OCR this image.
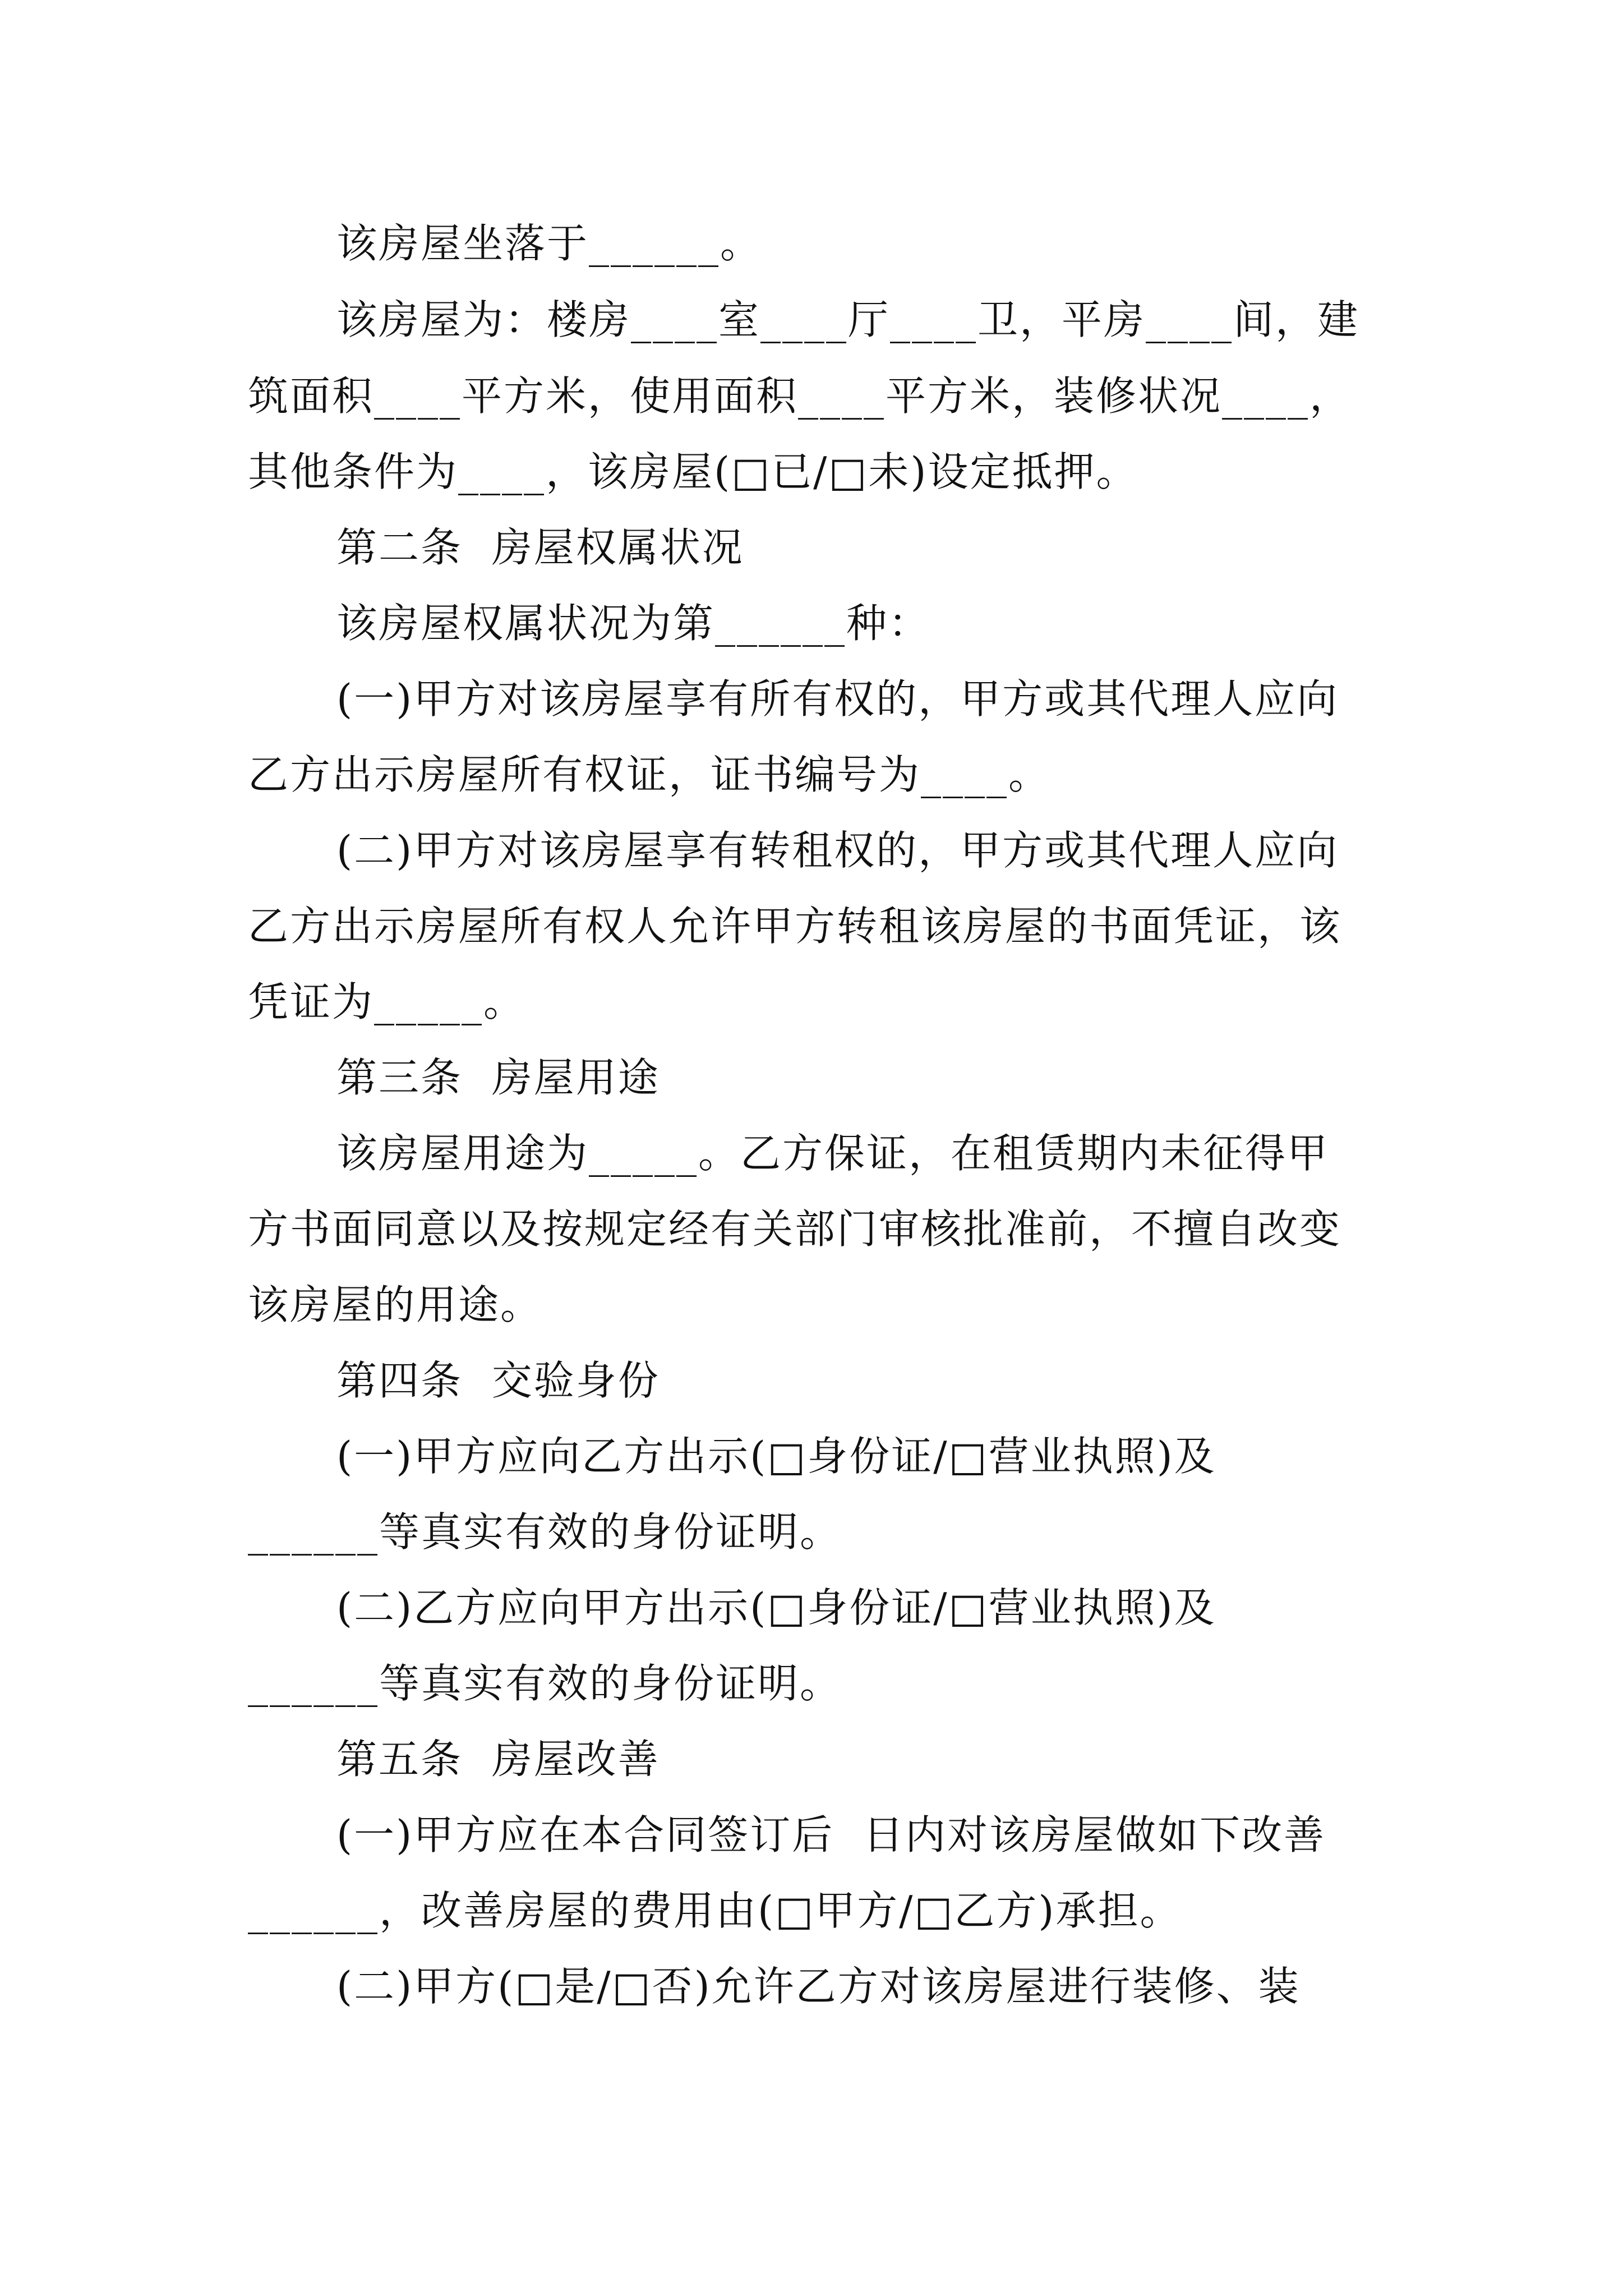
该房屋坐落于______。
该房屋为：楼房____室____厅____卫，平房____间，建
筑面积____平方米，使用面积____平方米，装修状况____，
其他条件为____，该房屋(□已/□未)设定抵押。
第二条  房屋权属状况
该房屋权属状况为第______种：
(一)甲方对该房屋享有所有权的，甲方或其代理人应向
乙方出示房屋所有权证，证书编号为____。
(二)甲方对该房屋享有转租权的，甲方或其代理人应向
乙方出示房屋所有权人允许甲方转租该房屋的书面凭证，该
凭证为_____。
第三条  房屋用途
该房屋用途为_____。乙方保证，在租赁期内未征得甲
方书面同意以及按规定经有关部门审核批准前，不擅自改变
该房屋的用途。
第四条  交验身份
(一)甲方应向乙方出示(□身份证/□营业执照)及
______等真实有效的身份证明。
(二)乙方应向甲方出示(□身份证/□营业执照)及
______等真实有效的身份证明。
第五条  房屋改善
(一)甲方应在本合同签订后  日内对该房屋做如下改善
______，改善房屋的费用由(□甲方/□乙方)承担。
(二)甲方(□是/□否)允许乙方对该房屋进行装修、装
